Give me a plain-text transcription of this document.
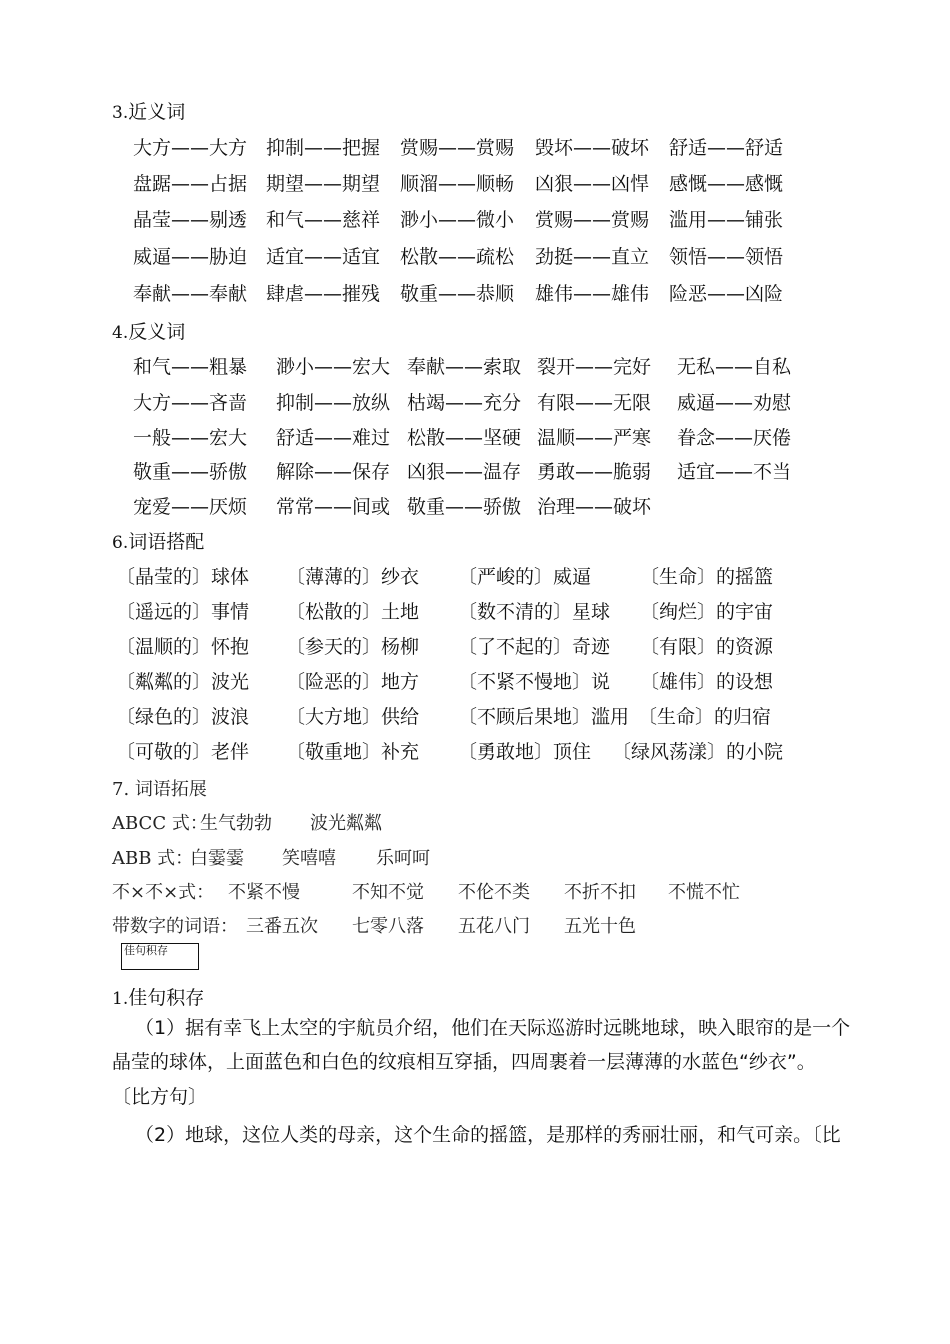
3.近义词
大方——大方 抑制——把握 赏赐——赏赐 毁坏——破坏 舒适——舒适
盘踞——占据 期望——期望 顺溜——顺畅 凶狠——凶悍 感慨——感慨
晶莹——剔透 和气——慈祥 渺小——微小 赏赐——赏赐 滥用——铺张
威逼——胁迫 适宜——适宜 松散——疏松 劲挺——直立 领悟——领悟
奉献——奉献 肆虐——摧残 敬重——恭顺 雄伟——雄伟 险恶——凶险
4.反义词
和气——粗暴 渺小——宏大 奉献——索取 裂开——完好 无私——自私
大方——吝啬 抑制——放纵 枯竭——充分 有限——无限 威逼——劝慰
一般——宏大 舒适——难过 松散——坚硬 温顺——严寒 眷念——厌倦
敬重——骄傲 解除——保存 凶狠——温存 勇敢——脆弱 适宜——不当
宠爱——厌烦 常常——间或 敬重——骄傲 治理——破坏
6.词语搭配
〔晶莹的〕球体 〔薄薄的〕纱衣 〔严峻的〕威逼	〔生命〕的摇篮
〔遥远的〕事情 〔松散的〕土地 〔数不清的〕星球 〔绚烂〕的宇宙
〔温顺的〕怀抱 〔参天的〕杨柳 〔了不起的〕奇迹 〔有限〕的资源
〔粼粼的〕波光 〔险恶的〕地方 〔不紧不慢地〕说 〔雄伟〕的设想
〔绿色的〕波浪 〔大方地〕供给 〔不顾后果地〕滥用 〔生命〕的归宿
〔可敬的〕老伴 〔敬重地〕补充 〔勇敢地〕顶住 〔绿风荡漾〕的小院
7. 词语拓展
ABCC 式：
生气勃勃 波光粼粼
ABB 式：
白霎霎 笑嘻嘻 乐呵呵
不×不×式： 不紧不慢	不知不觉 不伦不类 不折不扣 不慌不忙
带数字的词语： 三番五次 七零八落 五花八门 五光十色
佳句积存
1.佳句积存
（1）据有幸飞上太空的宇航员介绍，他们在天际巡游时远眺地球，映入眼帘的是一个晶莹的球体，上面蓝色和白色的纹痕相互穿插，四周裹着一层薄薄的水蓝色“纱衣”。
〔比方句〕
（2）地球，这位人类的母亲，这个生命的摇篮，是那样的秀丽壮丽，和气可亲。〔比
